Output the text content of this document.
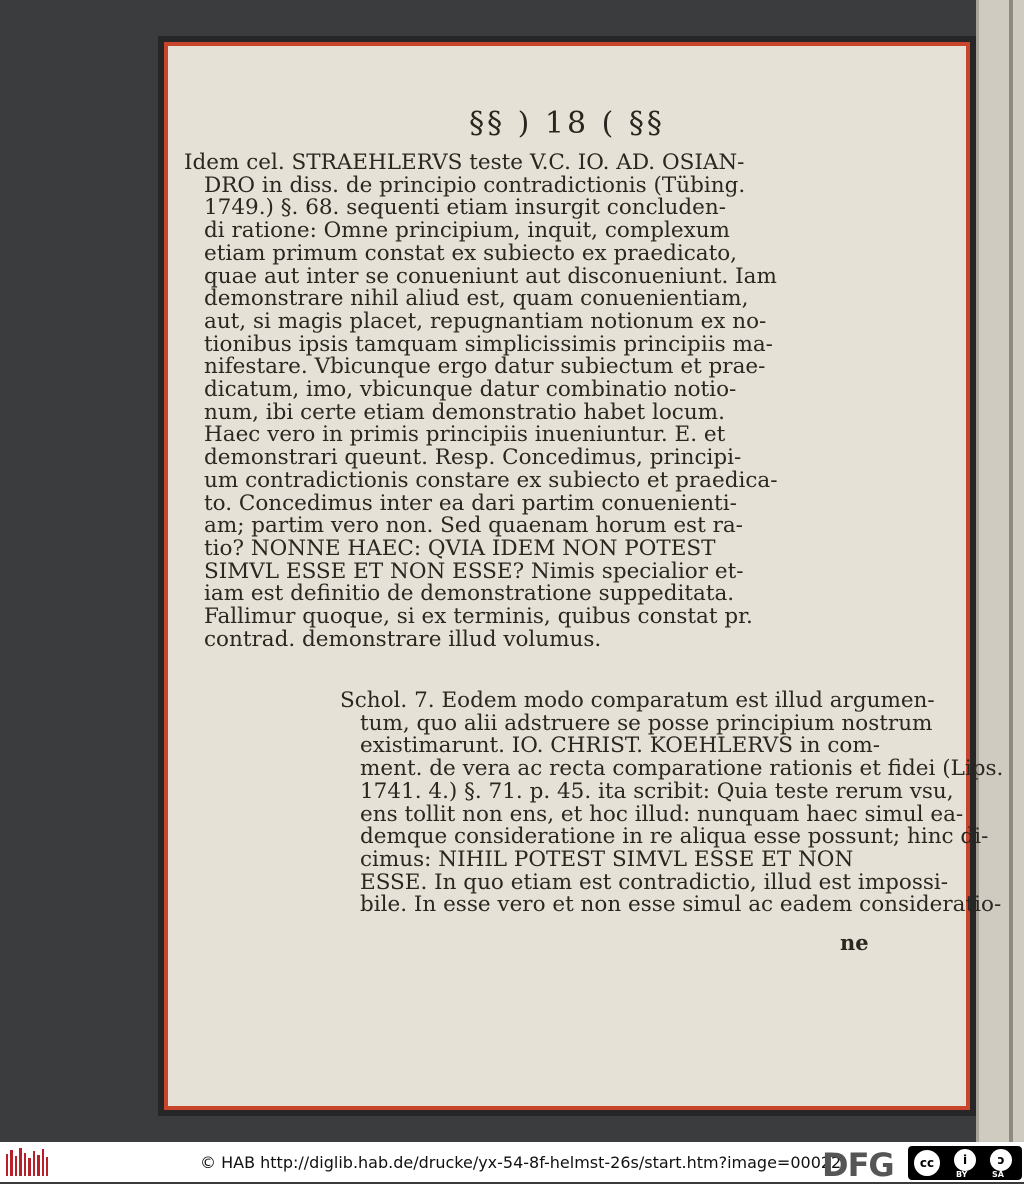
§§ ) 18 ( §§
Idem cel. STRAEHLERVS teste V.C. IO. AD. OSIAN-
DRO in diss. de principio contradictionis (Tübing.
1749.) §. 68. sequenti etiam insurgit concluden-
di ratione: Omne principium, inquit, complexum
etiam primum constat ex subiecto ex praedicato,
quae aut inter se conueniunt aut disconueniunt. Iam
demonstrare nihil aliud est, quam conuenientiam,
aut, si magis placet, repugnantiam notionum ex no-
tionibus ipsis tamquam simplicissimis principiis ma-
nifestare. Vbicunque ergo datur subiectum et prae-
dicatum, imo, vbicunque datur combinatio notio-
num, ibi certe etiam demonstratio habet locum.
Haec vero in primis principiis inueniuntur. E. et
demonstrari queunt. Resp. Concedimus, principi-
um contradictionis constare ex subiecto et praedica-
to. Concedimus inter ea dari partim conuenienti-
am; partim vero non. Sed quaenam horum est ra-
tio? NONNE HAEC: QVIA IDEM NON POTEST
SIMVL ESSE ET NON ESSE? Nimis specialior et-
iam est definitio de demonstratione suppeditata.
Fallimur quoque, si ex terminis, quibus constat pr.
contrad. demonstrare illud volumus.
Schol. 7. Eodem modo comparatum est illud argumen-
tum, quo alii adstruere se posse principium nostrum
existimarunt. IO. CHRIST. KOEHLERVS in com-
ment. de vera ac recta comparatione rationis et fidei (Lips.
1741. 4.) §. 71. p. 45. ita scribit: Quia teste rerum vsu,
ens tollit non ens, et hoc illud: nunquam haec simul ea-
demque consideratione in re aliqua esse possunt; hinc di-
cimus: NIHIL POTEST SIMVL ESSE ET NON
ESSE. In quo etiam est contradictio, illud est impossi-
bile. In esse vero et non esse simul ac eadem consideratio-
ne
© HAB http://diglib.hab.de/drucke/yx-54-8f-helmst-26s/start.htm?image=00022
DFG	cc	i	ↄ
BY	SA
